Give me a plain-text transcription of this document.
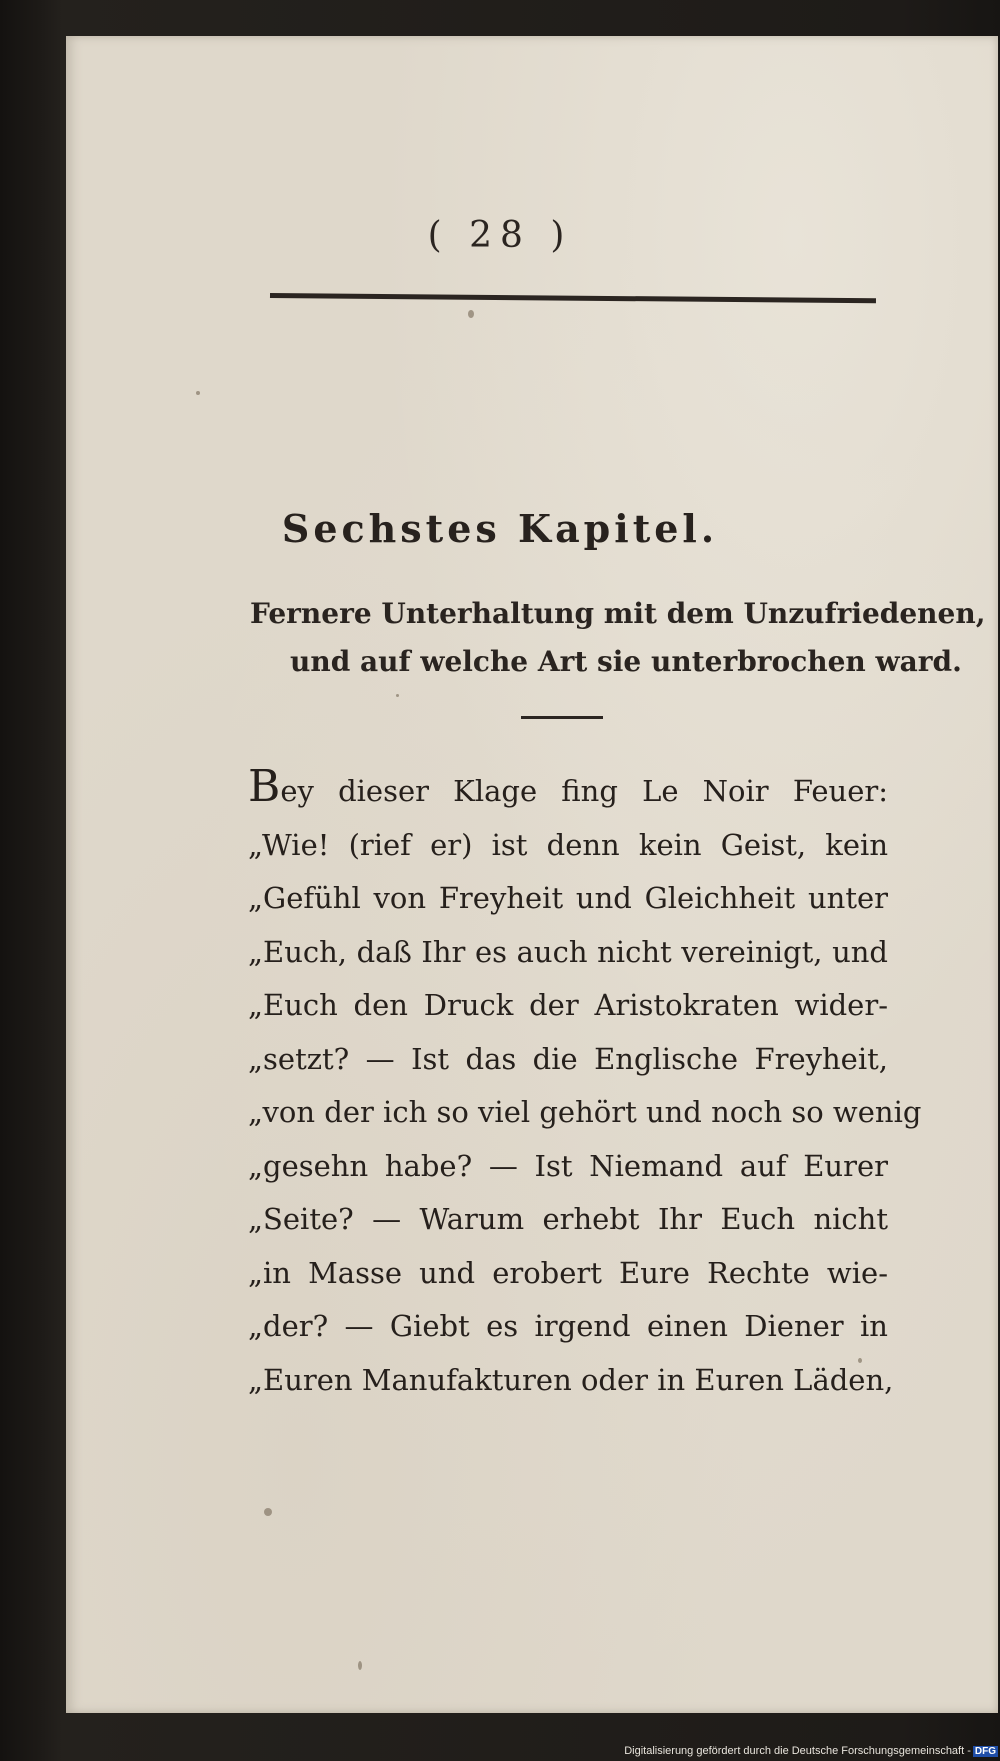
( 28 )
Sechstes Kapitel.
Fernere Unterhaltung mit dem Unzufriedenen,
und auf welche Art sie unterbrochen ward.
Bey dieser Klage fing Le Noir Feuer:
„Wie! (rief er) ist denn kein Geist, kein
„Gefühl von Freyheit und Gleichheit unter
„Euch, daß Ihr es auch nicht vereinigt, und
„Euch den Druck der Aristokraten wider-
„setzt? — Ist das die Englische Freyheit,
„von der ich so viel gehört und noch so wenig
„gesehn habe? — Ist Niemand auf Eurer
„Seite? — Warum erhebt Ihr Euch nicht
„in Masse und erobert Eure Rechte wie-
„der? — Giebt es irgend einen Diener in
„Euren Manufakturen oder in Euren Läden,
Digitalisierung gefördert durch die Deutsche Forschungsgemeinschaft - DFG
